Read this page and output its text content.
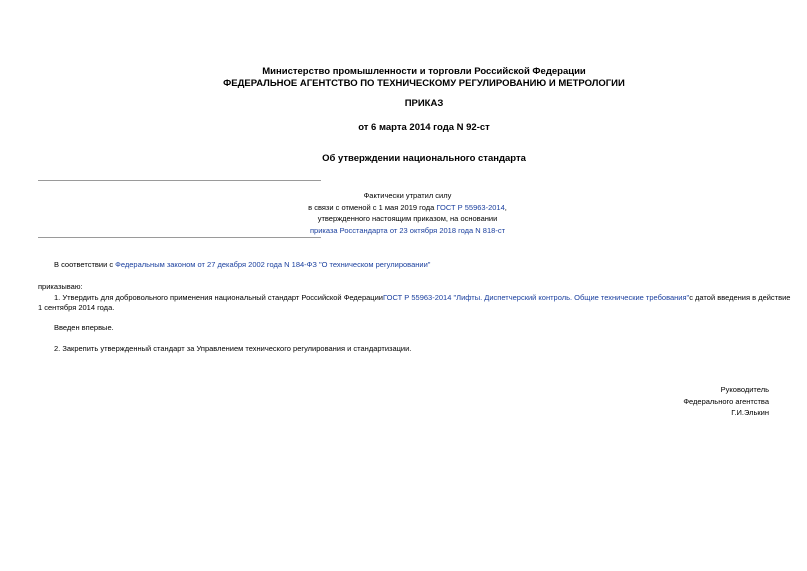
Министерство промышленности и торговли Российской Федерации
ФЕДЕРАЛЬНОЕ АГЕНТСТВО ПО ТЕХНИЧЕСКОМУ РЕГУЛИРОВАНИЮ И МЕТРОЛОГИИ
ПРИКАЗ
от 6 марта 2014 года N 92-ст
Об утверждении национального стандарта
Фактически утратил силу
в связи с отменой с 1 мая 2019 года ГОСТ Р 55963-2014,
утвержденного настоящим приказом, на основании
приказа Росстандарта от 23 октября 2018 года N 818-ст
В соответствии с Федеральным законом от 27 декабря 2002 года N 184-ФЗ "О техническом регулировании"
приказываю:
1. Утвердить для добровольного применения национальный стандарт Российской ФедерацииГОСТ Р 55963-2014 "Лифты. Диспетчерский контроль. Общие технические требования"с датой введения в действие
1 сентября 2014 года.
Введен впервые.
2. Закрепить утвержденный стандарт за Управлением технического регулирования и стандартизации.
Руководитель
Федерального агентства
Г.И.Элькин
